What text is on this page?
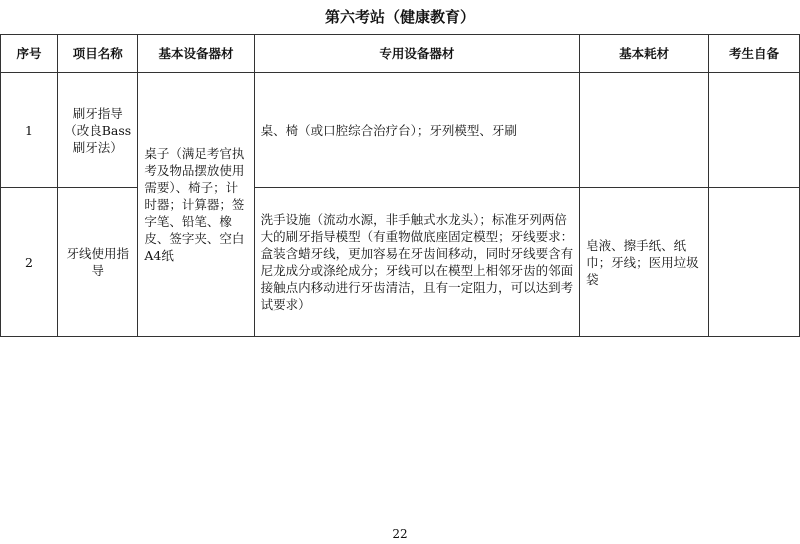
第六考站（健康教育）
序号	项目名称	基本设备器材	专用设备器材	基本耗材	考生自备
1	刷牙指导（改良Bass刷牙法）	桌子（满足考官执考及物品摆放使用需要）、椅子；计时器；计算器；签字笔、铅笔、橡皮、签字夹、空白A4纸	桌、椅（或口腔综合治疗台）；牙列模型、牙刷		
2	牙线使用指导		洗手设施（流动水源，非手触式水龙头）；标准牙列两倍大的刷牙指导模型（有重物做底座固定模型；牙线要求：盒装含蜡牙线，更加容易在牙齿间移动，同时牙线要含有尼龙成分或涤纶成分；牙线可以在模型上相邻牙齿的邻面接触点内移动进行牙齿清洁，且有一定阻力，可以达到考试要求）	皂液、擦手纸、纸巾；牙线；医用垃圾袋	
22
